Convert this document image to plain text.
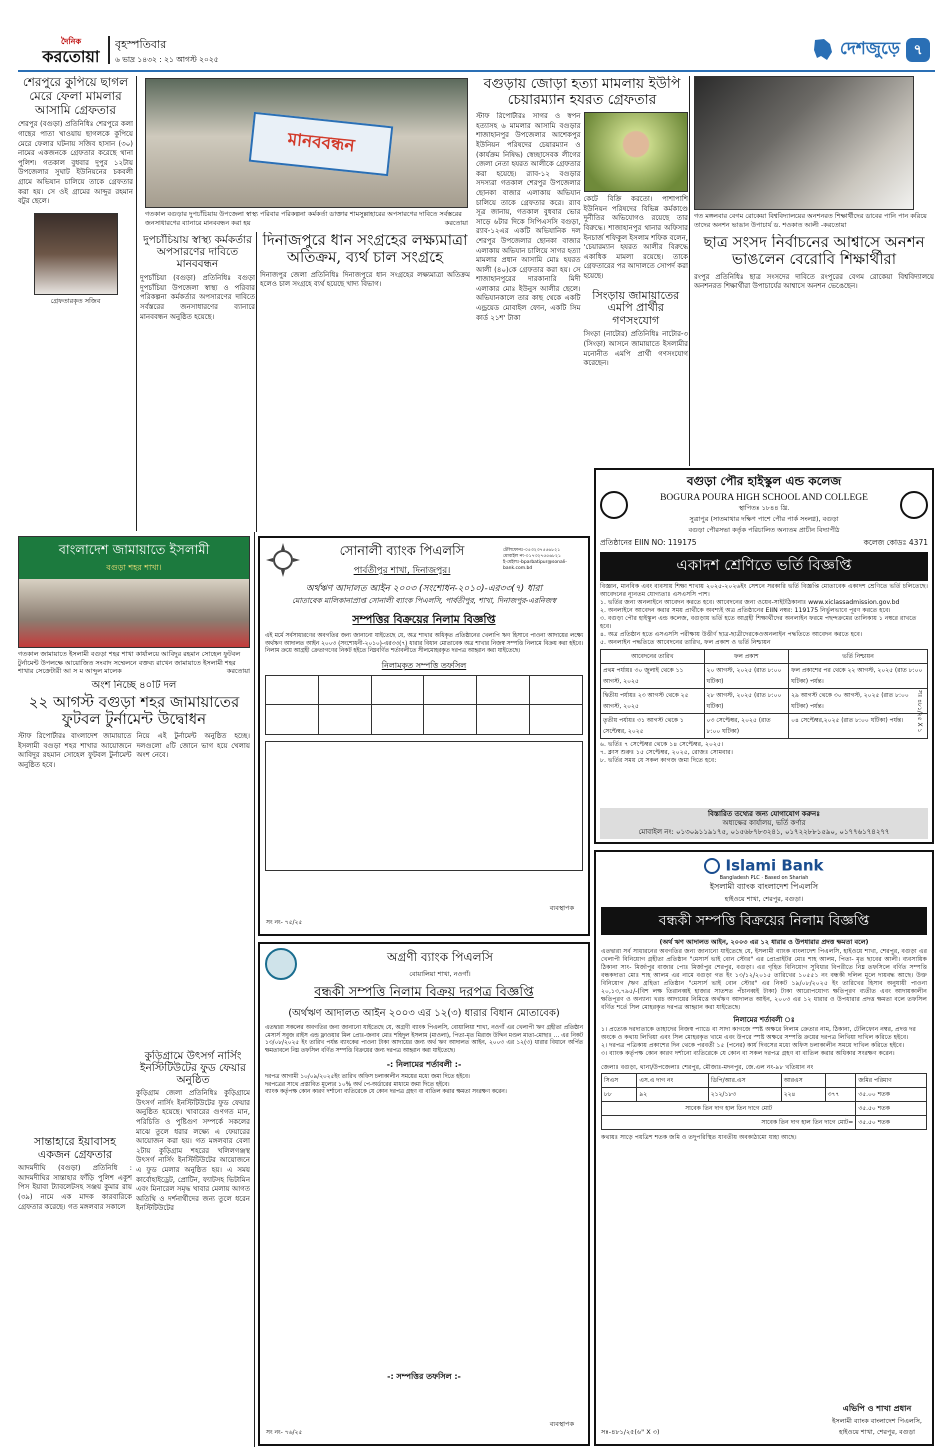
দৈনিক
করতোয়া
বৃহস্পতিবার
৬ ভাদ্র ১৪৩২ : ২১ আগস্ট ২০২৫
দেশজুড়ে ৭
শেরপুরে কুপিয়ে ছাগল মেরে ফেলা মামলার আসামি গ্রেফতার
শেরপুর (বগুড়া) প্রতিনিধিঃ শেরপুরে কলা গাছের পাতা খাওয়ায় ছাগলকে কুপিয়ে মেরে ফেলার ঘটনায় সজিব হাসান (৩০) নামের একজনকে গ্রেফতার করেছে থানা পুলিশ। গতকাল বুধবার দুপুর ১২টায় উপজেলার সুঘাট ইউনিয়নের চকবলী গ্রামে অভিযান চালিয়ে তাকে গ্রেফতার করা হয়। সে ওই গ্রামের আব্দুর রহমান বটুর ছেলে।
গ্রেফতারকৃত সজিব
মানববন্ধন
গতকাল বগুড়ার দুপচাঁচিয়ায় উপজেলা স্বাস্থ্য পরিবার পরিকল্পনা কর্মকর্তা ডাক্তার শামসুল্লাহারের অপসারণের দাবিতে সর্বস্তরের জনসাধারণের ব্যানারে মানববন্ধন করা হয়	করতোয়া
দুপচাঁচিয়ায় স্বাস্থ্য কর্মকর্তার অপসারণের দাবিতে মানববন্ধন
দুপচাঁচিয়া (বগুড়া) প্রতিনিধিঃ বগুড়া দুপচাঁচিয়া উপজেলা স্বাস্থ্য ও পরিবার পরিকল্পনা কর্মকর্তার অপসারণের দাবিতে সর্বস্তরের জনসাধারণের ব্যানারে মানববন্ধন অনুষ্ঠিত হয়েছে।
দিনাজপুরে ধান সংগ্রহের লক্ষ্যমাত্রা অতিক্রম, ব্যর্থ চাল সংগ্রহে
দিনাজপুর জেলা প্রতিনিধিঃ দিনাজপুরে ধান সংগ্রহের লক্ষ্যমাত্রা অতিক্রম হলেও চাল সংগ্রহে ব্যর্থ হয়েছে খাদ্য বিভাগ।
বগুড়ায় জোড়া হত্যা মামলায় ইউপি চেয়ারম্যান হযরত গ্রেফতার
স্টাফ রিপোর্টারঃ সাগর ও স্বপন হত্যাসহ ৬ মামলার আসামি বগুড়ার শাজাহানপুর উপজেলার আশেকপুর ইউনিয়ন পরিষদের চেয়ারম্যান ও (কার্যক্রম নিষিদ্ধ) স্বেচ্ছাসেবক লীগের জেলা নেতা হযরত আলীকে গ্রেফতার করা হয়েছে। র‍্যাব-১২ বগুড়ার সদস্যরা গতকাল শেরপুর উপজেলার ছোনকা বাজার এলাকায় অভিযান চালিয়ে তাকে গ্রেফতার করে। র‍্যাব সূত্র জানায়, গতকাল বুধবার ভোর সাড়ে ৬টার দিকে সিপিএসসি বগুড়া, র‍্যাব-১২এর একটি অভিযানিক দল শেরপুর উপজেলার ছোনকা বাজার এলাকায় অভিযান চালিয়ে সাগর হত্যা মামলার প্রধান আসামি মোঃ হযরত আলী (৪০)কে গ্রেফতার করা হয়। সে শাজাহানপুরের দারকানারি মিদী এলাকার মোঃ ইউনুস আলীর ছেলে। অভিযানকালে তার কাছ থেকে একটি এন্ড্রয়েড মোবাইল ফোন, একটি সিম কার্ড ২১শ' টাকা
কেটে বিক্রি করতো। পাশাপাশি ইউনিয়ন পরিষদের বিভিন্ন কর্মকাণ্ডে দুর্নীতির অভিযোগও রয়েছে তার বিরুদ্ধে। শাজাহানপুর থানার অফিসার ইনচার্জ শফিকুল ইসলাম শফিক বলেন, 'চেয়ারম্যান হযরত আলীর বিরুদ্ধে একাধিক মামলা রয়েছে। তাকে গ্রেফতারের পর আদালতে সোপর্দ করা হয়েছে।
সিংড়ায় জামায়াতের এমপি প্রার্থীর গণসংযোগ
সিংড়া (নাটোর) প্রতিনিধিঃ নাটোর-৩ (সিংড়া) আসনে জামায়াতে ইসলামীর মনোনীত এমপি প্রার্থী গণসংযোগ করেছেন।
গত মঙ্গলবার বেগম রোকেয়া বিশ্ববিদ্যালয়ের অনশনরত শিক্ষার্থীদের ডাবের পানি পান করিয়ে তাদের অনশন ভাঙান উপাচার্য ড. শওকাত আলী -করতোয়া
ছাত্র সংসদ নির্বাচনের আশ্বাসে অনশন ভাঙলেন বেরোবি শিক্ষার্থীরা
রংপুর প্রতিনিধিঃ ছাত্র সংসদের দাবিতে রংপুরের বেগম রোকেয়া বিশ্ববিদ্যালয়ে অনশনরত শিক্ষার্থীরা উপাচার্যের আশ্বাসে অনশন ভেঙেছেন।
বগুড়া পৌর হাইস্কুল এন্ড কলেজ
BOGURA POURA HIGH SCHOOL AND COLLEGE
স্থাপিতঃ ১৮৪৪ খ্রি.
সুত্রাপুর (সাতমাথার দক্ষিণ পাশে পৌর পার্ক সংলগ্ন), বগুড়া
বগুড়া পৌরসভা কর্তৃক পরিচালিত অন্যতম প্রাচীন বিদ্যাপীঠ
প্রতিষ্ঠানের EIIN NO: 119175	কলেজ কোডঃ 4371
একাদশ শ্রেণিতে ভর্তি বিজ্ঞপ্তি
বিজ্ঞান, মানবিক এবং ব্যবসায় শিক্ষা শাখায় ২০২৫-২০২৬ইং সেশনে সরকারি ভর্তি বিজ্ঞপ্তি মোতাবেক একাদশ শ্রেণিতে ভর্তি চলিতেছে। আবেদনের ন্যূনতম যোগ্যতাঃ এসএসসি পাশ।
১. ভর্তির জন্য অনলাইনে আবেদন করতে হবে। আবেদনের জন্য ওয়েব-সাইটঠিকানাঃ www.xiclassadmission.gov.bd
২. অনলাইনে আবেদন করার সময় প্রার্থীকে অবশ্যই অত্র প্রতিষ্ঠানের EIIN নম্বর: 119175 নির্ভুলভাবে পূরণ করতে হবে।
৩. বগুড়া পৌর হাইস্কুল এন্ড কলেজ, বগুড়ায় ভর্তি হতে আগ্রহী শিক্ষার্থীদের অনলাইন ফরমে পছন্দক্রমের তালিকায় ১ নম্বরে রাখতে হবে।
৪. অত্র প্রতিষ্ঠান হতে এসএসসি পরীক্ষায় উত্তীর্ণ ছাত্র-ছাত্রীদেরকেওঅনলাইন পদ্ধতিতে আবেদন করতে হবে।
৫. অনলাইন পদ্ধতিতে আবেদনের তারিখ, ফল প্রকাশ ও ভর্তি নিশ্চায়ন
আবেদনের তারিখ	ফল প্রকাশ	ভর্তি নিশ্চায়ন
প্রথম পর্যায়ঃ ৩০ জুলাই থেকে ১১ আগস্ট, ২০২৫	২০ আগস্ট, ২০২৫ (রাত ৮:০০ ঘটিকা)	ফল প্রকাশের পর থেকে ২২ আগস্ট, ২০২৫ (রাত ৮:০০ ঘটিকা) পর্যন্ত।
দ্বিতীয় পর্যায়ঃ ২৩ আগস্ট থেকে ২৫ আগস্ট, ২০২৫	২৮ আগস্ট, ২০২৫ (রাত ৮:০০ ঘটিকা)	২৯ আগস্ট থেকে ৩০ আগস্ট, ২০২৫ (রাত ৮:০০ ঘটিকা) পর্যন্ত।
তৃতীয় পর্যায়ঃ ৩১ আগস্ট থেকে ১ সেপ্টেম্বর, ২০২৫	০৩ সেপ্টেম্বর, ২০২৫ (রাত ৮:০০ ঘটিকা)	০৪ সেপ্টেম্বর,২০২৫ (রাত ৮:০০ ঘটিকা) পর্যন্ত।
৬. ভর্তিঃ ৭ সেপ্টেম্বর থেকে ১৪ সেপ্টেম্বর, ২০২৫।
৭. ক্লাস শুরুঃ ১৫ সেপ্টেম্বর, ২০২৫, রোজঃ সোমবার।
৮. ভর্তির সময় যে সকল কাগজ জমা দিতে হবে:
বিস্তারিত তথ্যের জন্য যোগাযোগ করুনঃ
অধ্যক্ষের কার্যালয়, ভর্তি কর্ণার
মোবাইল নং: ০১৩০৯১১৯১৭৫, ০১৫৬৮৭৮৩২৪১, ০১৭২২৮৮১৫৯০, ০১৭৭৬১৭৪২৭৭
সঃ ৪৮১/২৫ X ১
Islami Bank
Bangladesh PLC · Based on Shariah
ইসলামী ব্যাংক বাংলাদেশ পিএলসি
হাইওয়ে শাখা, শেরপুর, বগুড়া।
বন্ধকী সম্পত্তি বিক্রয়ের নিলাম বিজ্ঞপ্তি
(অর্থ ঋণ আদালত আইন, ২০০৩ এর ১২ ধারার ও উপধারার প্রদত্ত ক্ষমতা বলে)
এতদ্বারা সর্ব সাধারনের অবগতির জন্য জানানো যাইতেছে যে, ইসলামী ব্যাংক বাংলাদেশ পিএলসি, হাইওয়ে শাখা, শেরপুর, বগুড়া এর খেলাপী বিনিয়োগ গ্রহীতা প্রতিষ্ঠান "মেসার্স ভাই বোন স্টোর" এর প্রোপ্রাইটর মোঃ শাহ আলম, পিতা- মৃত ছাবের আলী। ব্যবসায়িক ঠিকানা সাং- মির্জাপুর বাজার পোঃ মির্জাপুর শেরপুর, বগুড়া। এর গৃহিত বিনিয়োগ সুবিধার বিপরীতে নিম্ন তফসিলে বর্ণিত সম্পত্তি বন্ধকদাতা মোঃ শাহ আলম এর নামে বগুড়া গত ইং ১৩/১২/২০১৫ তারিখের ১০৫৫১ নং বন্ধকী দলিল মূলে দায়বদ্ধ আছে। উক্ত বিনিয়োগ /ঋণ গ্রহিতা প্রতিষ্ঠান "মেসার্স ভাই বোন স্টোর" এর নিকট ১৯/০৮/২০২৫ ইং তারিখের হিসাব অনুযায়ী পাওনা ২০,১৩,৭৯৫/-(বিশ লক্ষ তিরানব্বই হাজার সাতশত পঁচানব্বই টাকা) টাকা আরোপযোগ্য ক্ষতিপূরণ ব্যতীত এবং আদায়কালীন ক্ষতিপূরণ ও অন্যান্য খরচ আদায়ের নিমিত্তে অর্থঋণ আদালত আইন, ২০০৩ এর ১২ ধারার ও উপধারার প্রদত্ত ক্ষমতা বলে তফসিল বর্ণিত শর্তে সিল মোহরকৃত দরপত্র আহ্বান করা যাইতেছে।
নিলামের শর্তাবলী ঃ
১। প্রত্যেক দরদাতাকে তাহাদের নিজস্ব প্যাডে বা সাদা কাগজে স্পষ্ট অক্ষরে নিলাম ক্রেতার নাম, ঠিকানা, টেলিফোন নম্বর, প্রদত্ত দর অংকে ও কথায় লিখিয়া এবং সিল মোহরকৃত খামে এবং উপরে স্পষ্ট অক্ষরে সম্পত্তি ক্রয়ের দরপত্র লিখিয়া দাখিল করিতে হইবে।
২। দরপত্র পত্রিকায় প্রকাশের দিন থেকে পরবর্তী ১৫ (পনের) কার্য দিবসের মধ্যে অফিস চলাকালীন সময়ে দাখিল করিতে হইবে।
৩। ব্যাংক কর্তৃপক্ষ কোন কারণ দর্শানো ব্যতিরেকে যে কোন বা সকল দরপত্র গ্রহণ বা বাতিল করার অধিকার সংরক্ষণ করেন।
জেলাঃ বগুড়া, থানা/উপজেলাঃ শেরপুর, মৌজাঃ-মদনপুর, জে.এল নং-৯৮ খতিয়ান নং
সিএস	এস.এ দাগ নং	ডিপি/আর.এস	আরএস		জমির পরিমাণ
৮৮	৯২	২১২/১৮৩	২২৪	৩৭৭	৩৫.০০ শতক
সাবেক তিন দাগ হাল তিন দাগে মোট					৩৫.৫০ শতক
সাবেক তিন দাগ হাল তিন দাগে মোট=					৩৫.৫০ শতক
কথায়ঃ সাড়ে পয়ত্রিশ শতক জমি ও তদুপরিস্থিত যাবতীয় অবকাঠামো যাহা আছে।
এভিপি ও শাখা প্রধান
ইসলামী ব্যাংক বাংলাদেশ পিএলসি,
হাইওয়ে শাখা, শেরপুর, বগুড়া
সঃ-৪৮১/২৫(৬" X ৩)
বাংলাদেশ জামায়াতে ইসলামী
বগুড়া শহর শাখা।
গতকাল জামায়াতে ইসলামী বগুড়া শহর শাখা কার্যালয়ে আবিদুর রহমান সোহেল ফুটবল টুর্নামেন্ট উপলক্ষে আয়োজিত সংবাদ সম্মেলনে বক্তব্য রাখেন জামায়াতে ইসলামী শহর শাখার সেক্রেটারী আ স ম আব্দুল মালেক	করতোয়া
অংশ নিচ্ছে ৪০টি দল
২২ আগস্ট বগুড়া শহর জামায়াতের ফুটবল টুর্নামেন্ট উদ্বোধন
স্টাফ রিপোর্টারঃ বাংলাদেশ জামায়াতে ইসলামী বগুড়া শহর শাখার আয়োজনে আবিদুর রহমান সোহেল ফুটবল টুর্নামেন্ট অনুষ্ঠিত হবে।
নিয়ে এই টুর্নামেন্ট অনুষ্ঠিত হচ্ছে। দলগুলো ৫টি জোনে ভাগ হয়ে খেলায় অংশ নেবে।
সান্তাহারে ইয়াবাসহ একজন গ্রেফতার
আদমদীঘি (বগুড়া) প্রতিনিধি : আদমদীঘির সান্তাহার ফাঁড়ি পুলিশ একুশ পিস ইয়াবা ট্যাবলেটসহ সঞ্জয় কুমার রায় (৩৯) নামে এক মাদক কারবারিকে গ্রেফতার করেছে। গত মঙ্গলবার সকালে
কুড়িগ্রামে উৎসর্গ নার্সিং ইনস্টিটিউটের ফুড ফেয়ার অনুষ্ঠিত
কুড়িগ্রাম জেলা প্রতিনিধিঃ কুড়িগ্রামে উৎসর্গ নার্সিং ইনস্টিটিউটের ফুড ফেয়ার অনুষ্ঠিত হয়েছে। খাবারের গুণগত মান, পরিচিতি ও পুষ্টিগুণ সম্পর্কে সকলের মাঝে তুলে ধরার লক্ষ্যে এ ফেয়ারের আয়োজন করা হয়। গত মঙ্গলবার বেলা ২টায় কুড়িগ্রাম শহরের খলিলগঞ্জস্থ উৎসর্গ নার্সিং ইনস্টিটিউটের আয়োজনে এ ফুড মেলার অনুষ্ঠিত হয়। এ সময় কার্বোহাইড্রেট, প্রোটিন, ফ্যাটসহ ভিটামিন এবং মিনারেল সমৃদ্ধ খাবার মেলায় আগত অতিথি ও দর্শনার্থীদের জন্য তুলে ধরেন ইনস্টিটিউটের
সোনালী ব্যাংক পিএলসি
পার্বতীপুর শাখা, দিনাজপুর।
টেলিফোনঃ-০৫৩২৩৭৫৫৬৮২১
মোবাইল নং-০১৭৩২৭৫৫৬৮২১
ই-মেইলঃ-bparbatipur@sonali-bank.com.bd
অর্থঋণ আদালত আইন ২০০৩ (সংশোধন-২০১০)-এর৩৩(৭) ধারা
মোতাবেক মালিকানাপ্রাপ্ত সোনালী ব্যাংক পিএলসি, পার্বতীপুর, শাখা, দিনাজপুর-এরনিজস্ব
সম্পত্তির বিক্রয়ের নিলাম বিজ্ঞপ্তি
এই মর্মে সর্বসাধারণের অবগতির জন্য জানানো যাইতেছে যে, অত্র শাখার অধিকৃত প্রতিষ্ঠানের খেলাপি ঋণ হিসাবে পাওনা আদায়ের লক্ষ্যে অর্থঋণ আদালত আইন ২০০৩ (সংশোধনী-২০১০)-এর৩৩(৭) ধারার বিধান মোতাবেক অত্র শাখার নিজস্ব সম্পত্তি নিলামে বিক্রয় করা হইবে। নিলাম ক্রয়ে আগ্রহী ক্রেতাগণের নিকট হইতে নিম্নবর্ণিত শর্তাবলীতে সীলমোহরকৃত দরপত্র আহ্বান করা যাইতেছে।
নিলামকৃত সম্পত্তি তফসিল

ব্যবস্থাপক
সং নং- ৭৫/২৫
অগ্রণী ব্যাংক পিএলসি
বোয়ালিয়া শাখা, নওগাঁ।
বন্ধকী সম্পত্তি নিলাম বিক্রয় দরপত্র বিজ্ঞপ্তি
(অর্থঋণ আদালত আইন ২০০৩ এর ১২(৩) ধারার বিধান মোতাবেক)
এতদ্বারা সকলের অবগতির জন্য জানানো যাইতেছে যে, অগ্রণী ব্যাংক পিএলসি, বোয়ালিয়া শাখা, নওগাঁ এর খেলাপী ঋণ গ্রহীতা প্রতিষ্ঠান মেসার্স সবুজ রাইস এন্ড ফ্লাওয়ার মিল প্রোঃ-জনাব মোঃ শহিদুল ইসলাম (মাওলা), পিতা-মৃত মিরাজ উদ্দিন মণ্ডল মাতা-মোছাঃ ... এর নিকট ১৩/০৮/২০২৫ ইং তারিখ পর্যন্ত ব্যাংকের পাওনা টাকা আদায়ের জন্য অর্থ ঋণ আদালত আইন, ২০০৩ এর ১২(৩) ধারার বিধানে অর্পিত ক্ষমতাবলে নিম্ন তফসিল বর্ণিত সম্পত্তি বিক্রয়ের জন্য দরপত্র আহ্বান করা যাইতেছে।
-: নিলামের শর্তাবলী :-
দরপত্র আগামী ১০/০৯/২০২৫ইং তারিখ অফিস চলাকালীন সময়ের মধ্যে জমা দিতে হইবে।
দরপত্রের সাথে প্রস্তাবিত মূল্যের ১০% অর্থ পে-অর্ডারের মাধ্যমে জমা দিতে হইবে।
ব্যাংক কর্তৃপক্ষ কোন কারণ দর্শানো ব্যতিরেকে যে কোন দরপত্র গ্রহণ বা বাতিল করার ক্ষমতা সংরক্ষণ করেন।
-: সম্পত্তির তফসিল :-
ব্যবস্থাপক
সং নং- ৭৬/২৫
